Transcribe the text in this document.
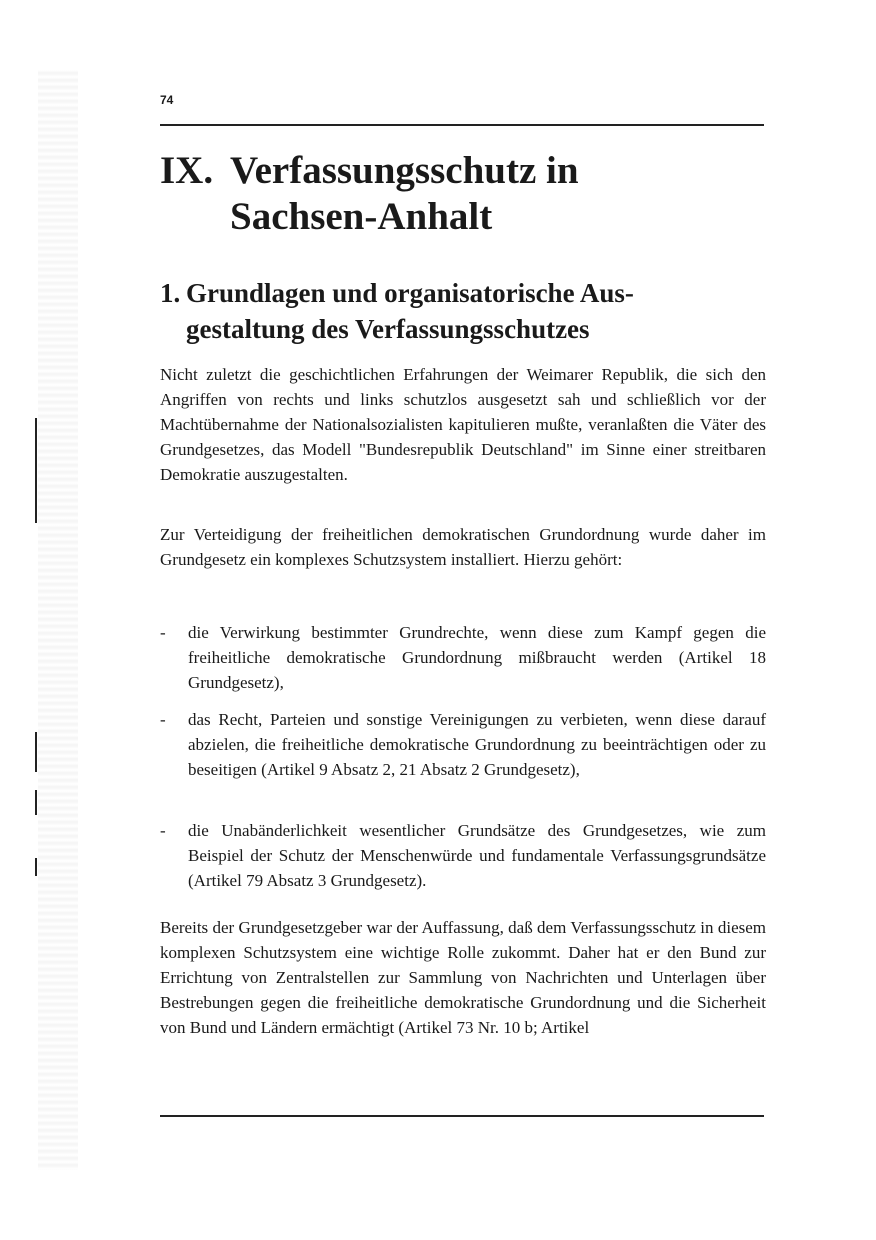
74
IX. Verfassungsschutz in
Sachsen-Anhalt
1. Grundlagen und organisatorische Aus-
gestaltung des Verfassungsschutzes

Nicht zuletzt die geschichtlichen Erfahrungen der Weimarer Republik, die sich den Angriffen von rechts und links schutzlos ausgesetzt sah und schließlich vor der Machtübernahme der Nationalsozialisten kapitulieren mußte, veranlaßten die Väter des Grundgesetzes, das Modell "Bundesrepublik Deutschland" im Sinne einer streitbaren Demokratie auszugestalten.

Zur Verteidigung der freiheitlichen demokratischen Grundordnung wurde daher im Grundgesetz ein komplexes Schutzsystem installiert. Hierzu gehört:

- die Verwirkung bestimmter Grundrechte, wenn diese zum Kampf gegen die freiheitliche demokratische Grundordnung mißbraucht werden (Artikel 18 Grundgesetz),

- das Recht, Parteien und sonstige Vereinigungen zu verbieten, wenn diese darauf abzielen, die freiheitliche demokratische Grundordnung zu beeinträchtigen oder zu beseitigen (Artikel 9 Absatz 2, 21 Absatz 2 Grundgesetz),

- die Unabänderlichkeit wesentlicher Grundsätze des Grundgesetzes, wie zum Beispiel der Schutz der Menschenwürde und fundamentale Verfassungsgrundsätze (Artikel 79 Absatz 3 Grundgesetz).

Bereits der Grundgesetzgeber war der Auffassung, daß dem Verfassungsschutz in diesem komplexen Schutzsystem eine wichtige Rolle zukommt. Daher hat er den Bund zur Errichtung von Zentralstellen zur Sammlung von Nachrichten und Unterlagen über Bestrebungen gegen die freiheitliche demokratische Grundordnung und die Sicherheit von Bund und Ländern ermächtigt (Artikel 73 Nr. 10 b; Artikel
